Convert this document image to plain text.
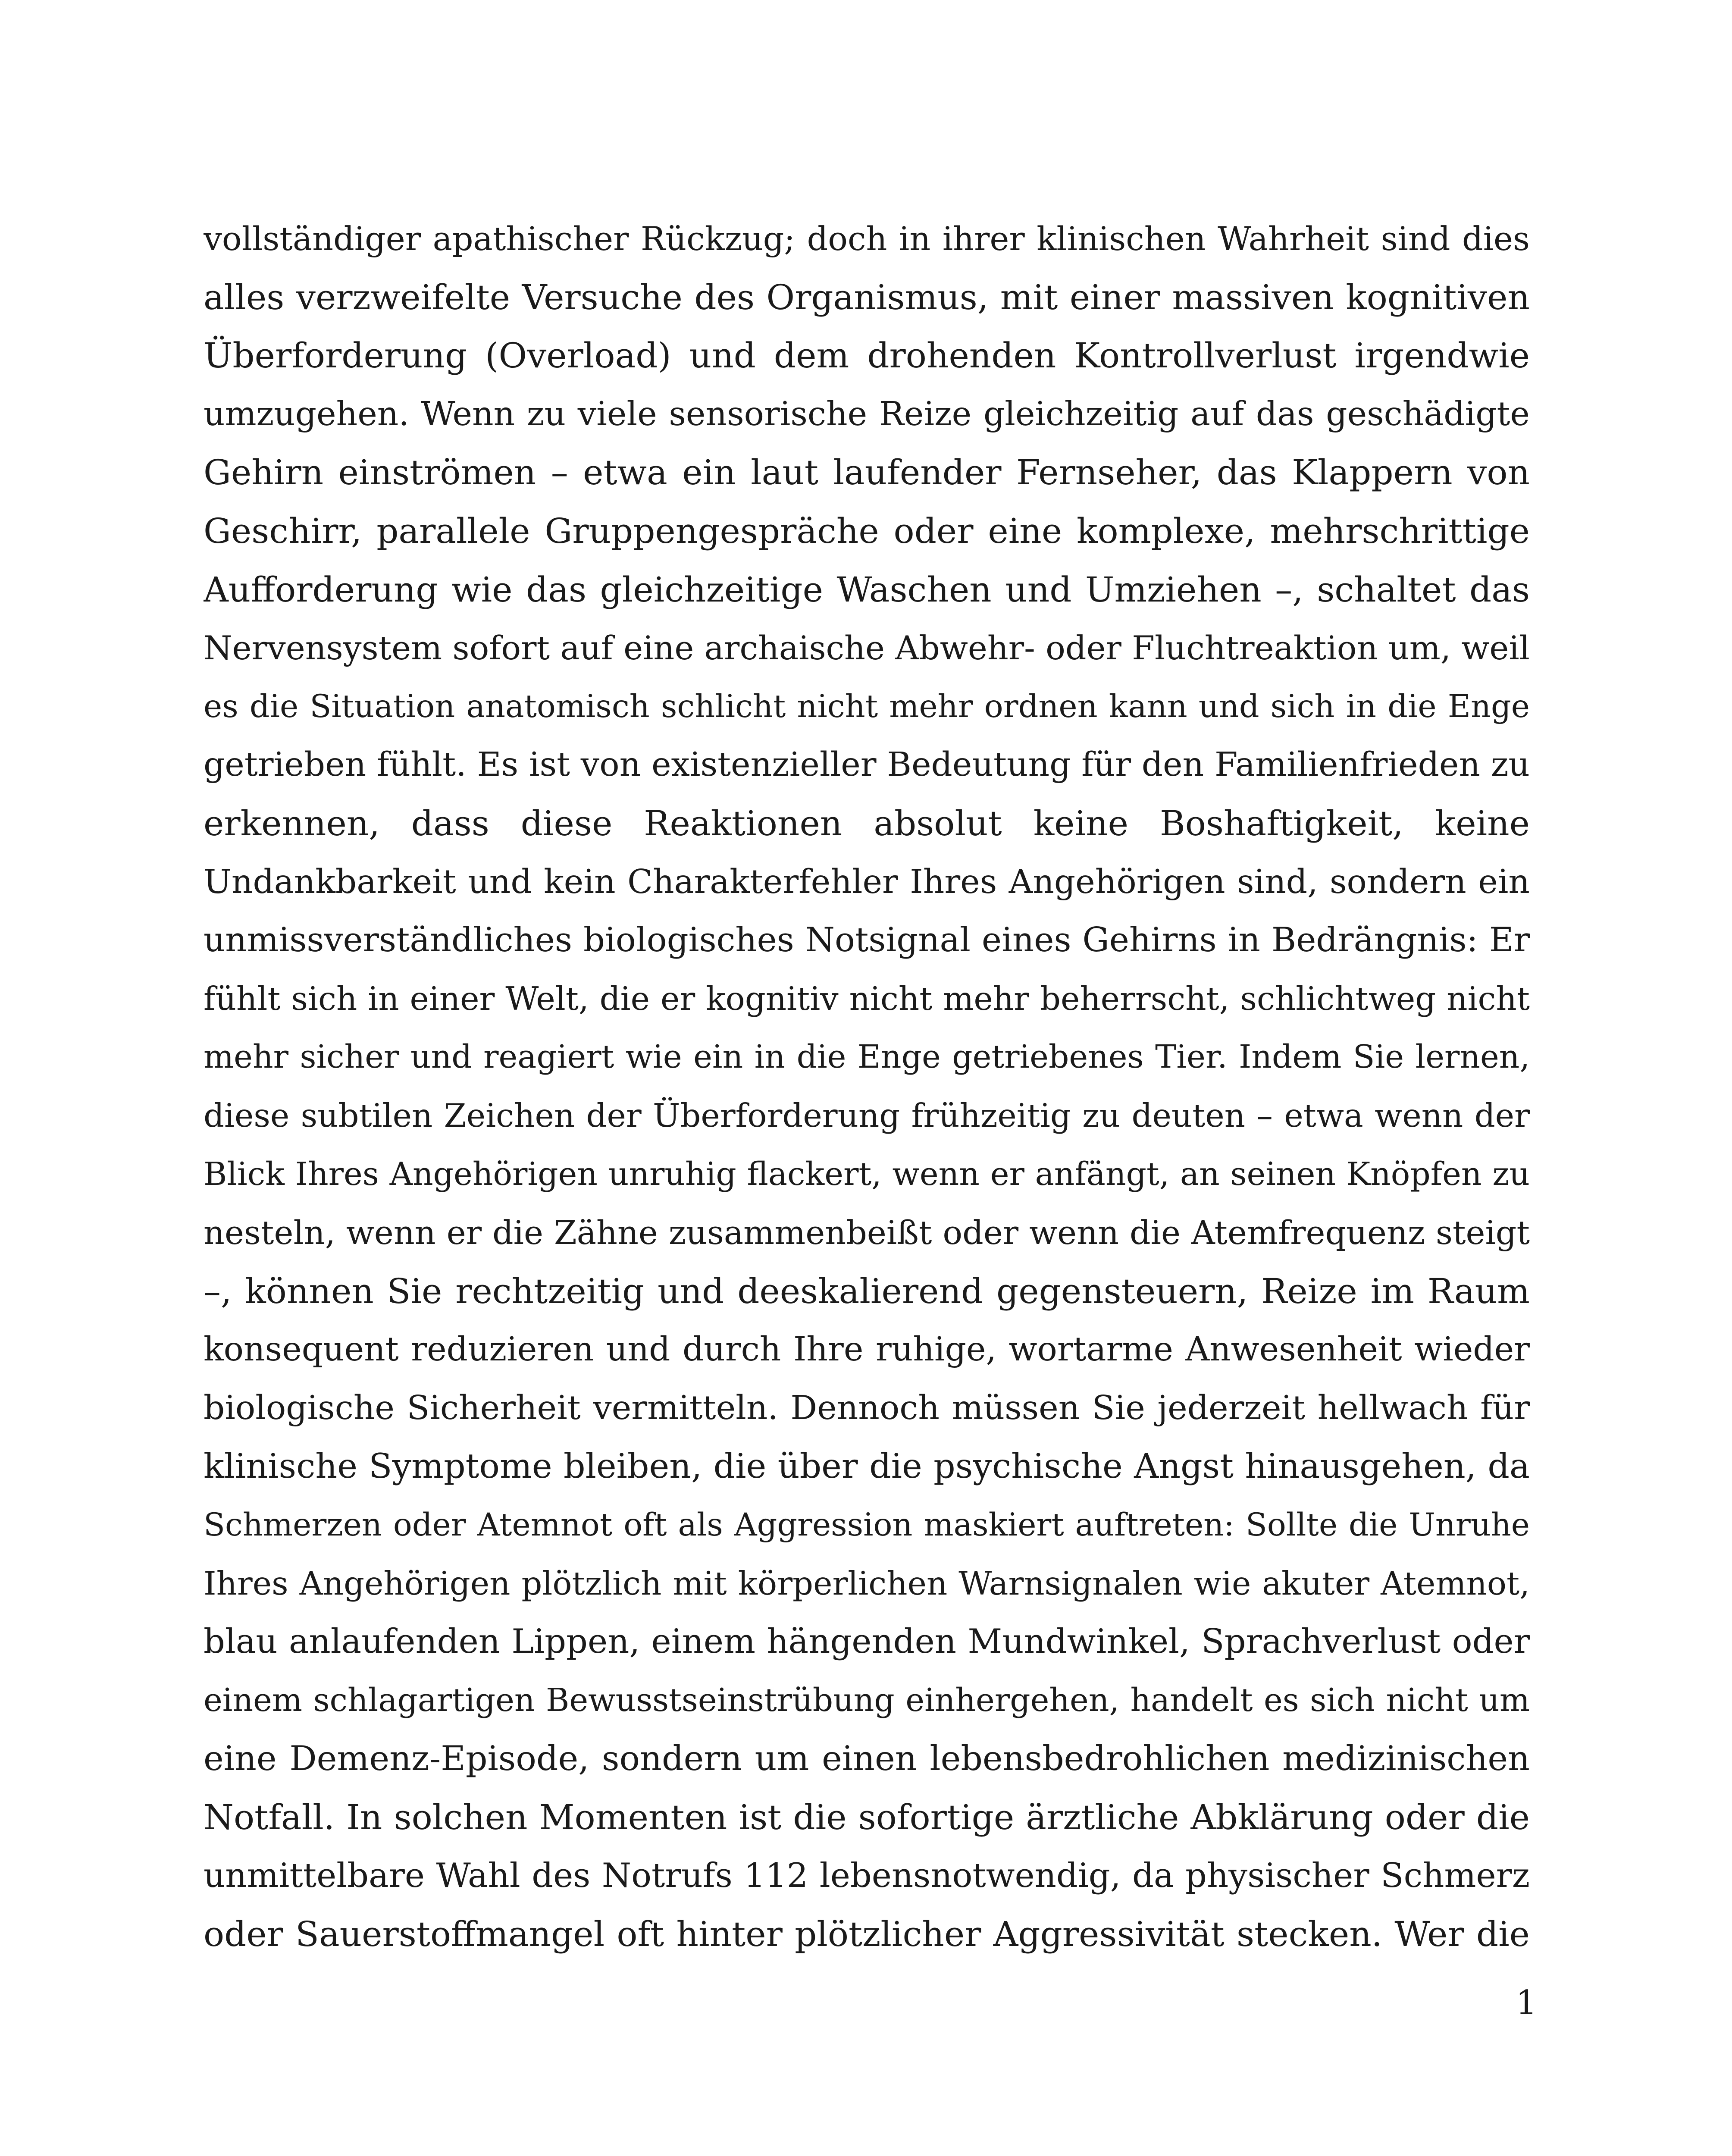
vollständiger apathischer Rückzug; doch in ihrer klinischen Wahrheit sind dies
alles verzweifelte Versuche des Organismus, mit einer massiven kognitiven
Überforderung (Overload) und dem drohenden Kontrollverlust irgendwie
umzugehen. Wenn zu viele sensorische Reize gleichzeitig auf das geschädigte
Gehirn einströmen – etwa ein laut laufender Fernseher, das Klappern von
Geschirr, parallele Gruppengespräche oder eine komplexe, mehrschrittige
Aufforderung wie das gleichzeitige Waschen und Umziehen –, schaltet das
Nervensystem sofort auf eine archaische Abwehr- oder Fluchtreaktion um, weil
es die Situation anatomisch schlicht nicht mehr ordnen kann und sich in die Enge
getrieben fühlt. Es ist von existenzieller Bedeutung für den Familienfrieden zu
erkennen, dass diese Reaktionen absolut keine Boshaftigkeit, keine
Undankbarkeit und kein Charakterfehler Ihres Angehörigen sind, sondern ein
unmissverständliches biologisches Notsignal eines Gehirns in Bedrängnis: Er
fühlt sich in einer Welt, die er kognitiv nicht mehr beherrscht, schlichtweg nicht
mehr sicher und reagiert wie ein in die Enge getriebenes Tier. Indem Sie lernen,
diese subtilen Zeichen der Überforderung frühzeitig zu deuten – etwa wenn der
Blick Ihres Angehörigen unruhig flackert, wenn er anfängt, an seinen Knöpfen zu
nesteln, wenn er die Zähne zusammenbeißt oder wenn die Atemfrequenz steigt
–, können Sie rechtzeitig und deeskalierend gegensteuern, Reize im Raum
konsequent reduzieren und durch Ihre ruhige, wortarme Anwesenheit wieder
biologische Sicherheit vermitteln. Dennoch müssen Sie jederzeit hellwach für
klinische Symptome bleiben, die über die psychische Angst hinausgehen, da
Schmerzen oder Atemnot oft als Aggression maskiert auftreten: Sollte die Unruhe
Ihres Angehörigen plötzlich mit körperlichen Warnsignalen wie akuter Atemnot,
blau anlaufenden Lippen, einem hängenden Mundwinkel, Sprachverlust oder
einem schlagartigen Bewusstseinstrübung einhergehen, handelt es sich nicht um
eine Demenz-Episode, sondern um einen lebensbedrohlichen medizinischen
Notfall. In solchen Momenten ist die sofortige ärztliche Abklärung oder die
unmittelbare Wahl des Notrufs 112 lebensnotwendig, da physischer Schmerz
oder Sauerstoffmangel oft hinter plötzlicher Aggressivität stecken. Wer die
1
